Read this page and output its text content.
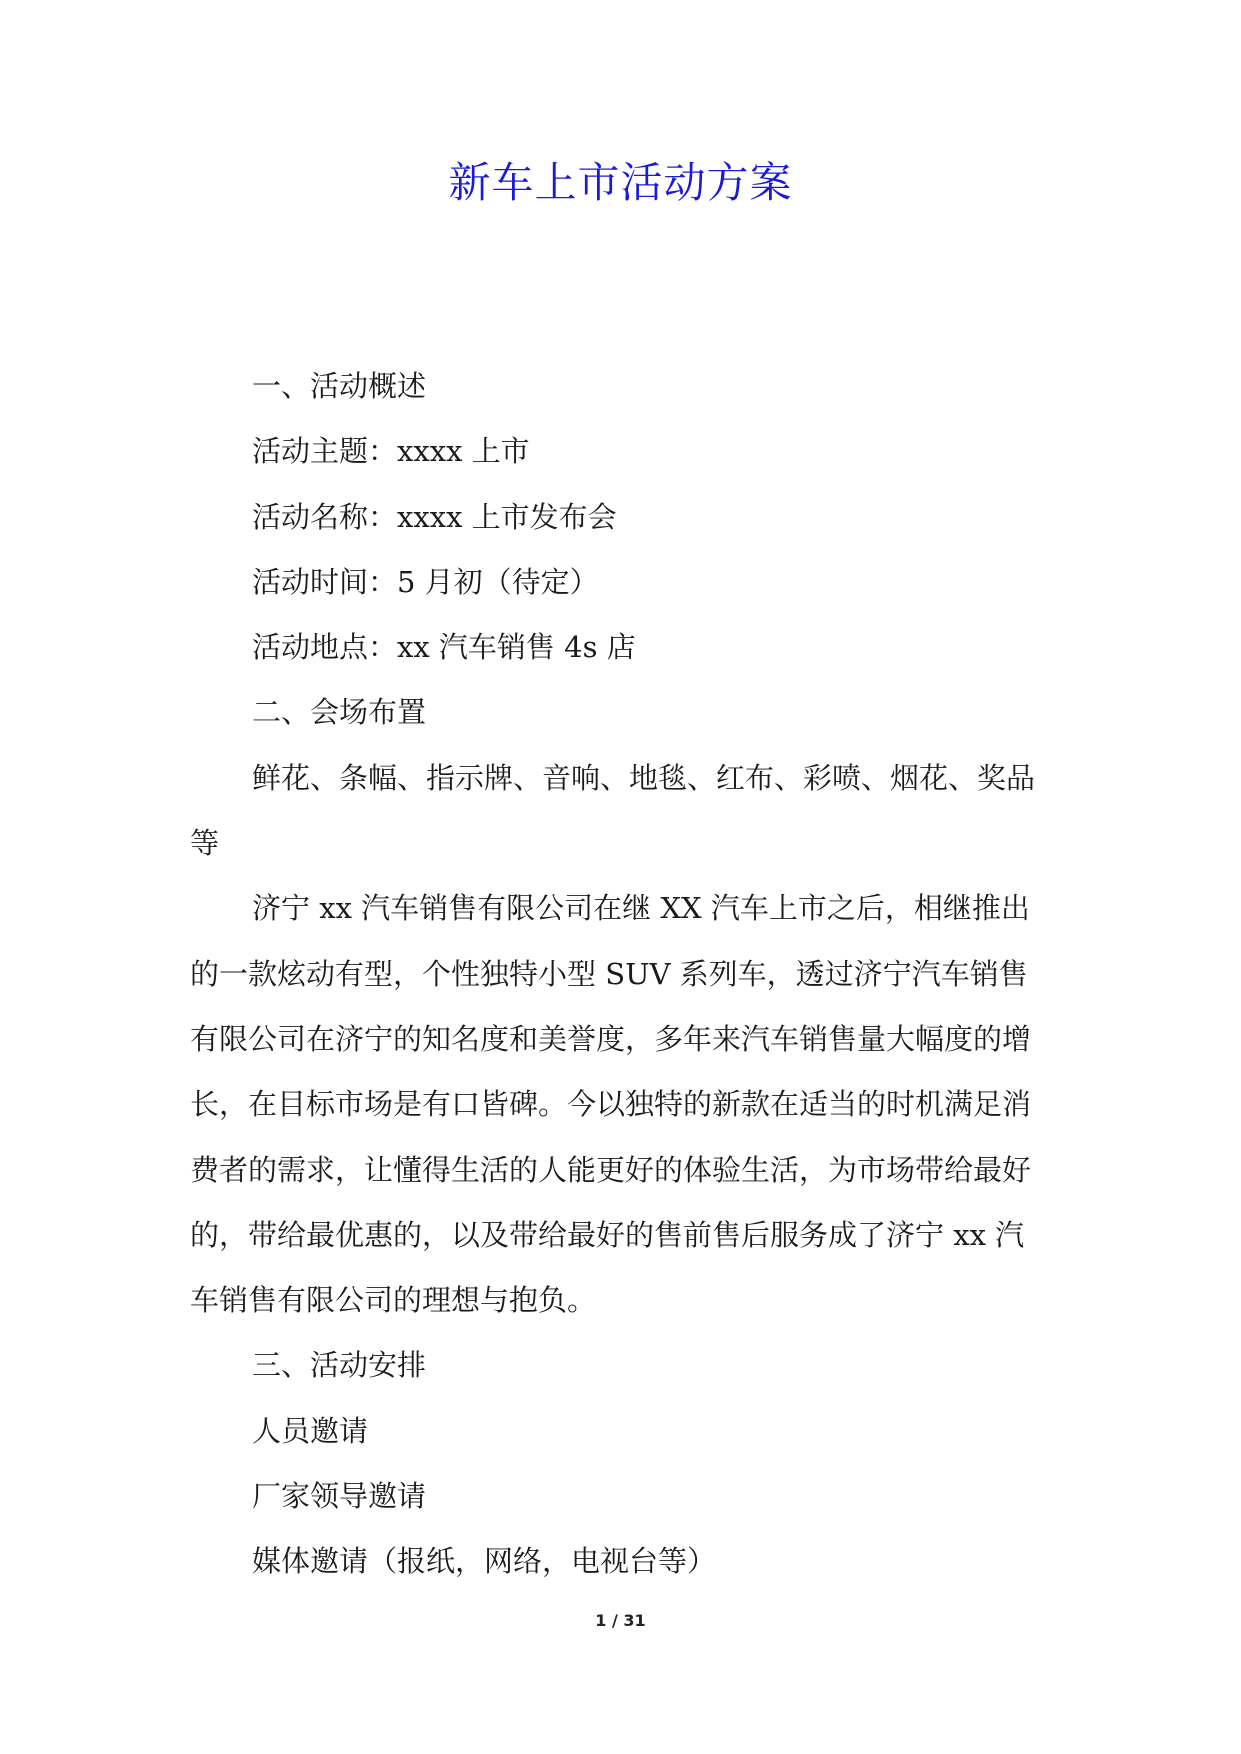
新车上市活动方案

一、活动概述

活动主题：xxxx 上市

活动名称：xxxx 上市发布会

活动时间：5 月初（待定）

活动地点：xx 汽车销售 4s 店

二、会场布置

鲜花、条幅、指示牌、音响、地毯、红布、彩喷、烟花、奖品等

济宁 xx 汽车销售有限公司在继 XX 汽车上市之后，相继推出的一款炫动有型，个性独特小型 SUV 系列车，透过济宁汽车销售有限公司在济宁的知名度和美誉度，多年来汽车销售量大幅度的增长，在目标市场是有口皆碑。今以独特的新款在适当的时机满足消费者的需求，让懂得生活的人能更好的体验生活，为市场带给最好的，带给最优惠的，以及带给最好的售前售后服务成了济宁 xx 汽车销售有限公司的理想与抱负。

三、活动安排

人员邀请

厂家领导邀请

媒体邀请（报纸，网络，电视台等）

1 / 31
